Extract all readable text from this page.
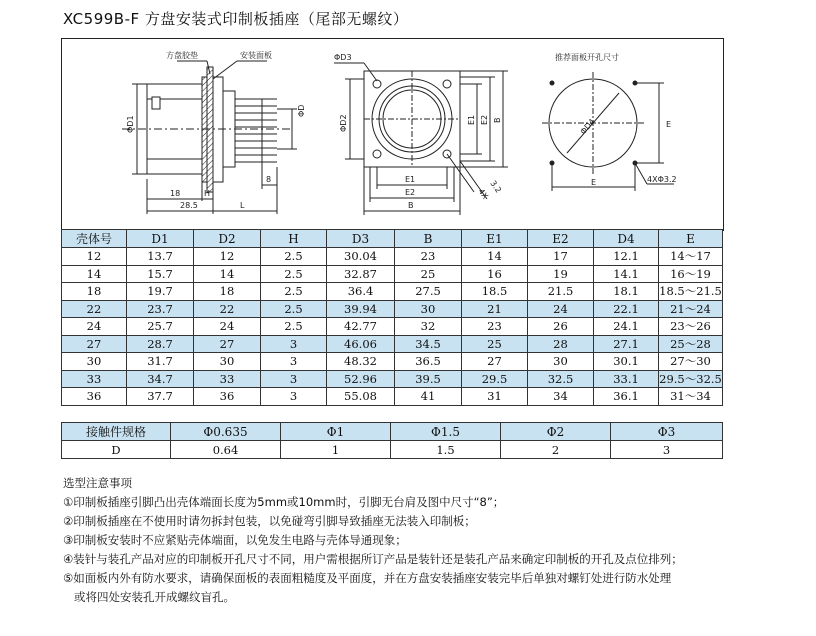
XC599B-F 方盘安装式印制板插座（尾部无螺纹）
方盘胶垫	安装面板
ΦD1
ΦD
18	H
8
28.5	L
ΦD3
ΦD2	E1 E2 B
E1
E2
B
3.2
4X
推荐面板开孔尺寸
ΦD4	E
E	4XΦ3.2
壳体号	D1	D2	H	D3	B	E1	E2	D4	E
12	13.7	12	2.5	30.04	23	14	17	12.1	14～17
14	15.7	14	2.5	32.87	25	16	19	14.1	16～19
18	19.7	18	2.5	36.4	27.5	18.5	21.5	18.1	18.5～21.5
22	23.7	22	2.5	39.94	30	21	24	22.1	21～24
24	25.7	24	2.5	42.77	32	23	26	24.1	23～26
27	28.7	27	3	46.06	34.5	25	28	27.1	25～28
30	31.7	30	3	48.32	36.5	27	30	30.1	27～30
33	34.7	33	3	52.96	39.5	29.5	32.5	33.1	29.5～32.5
36	37.7	36	3	55.08	41	31	34	36.1	31～34
接触件规格	Φ0.635	Φ1	Φ1.5	Φ2	Φ3
D	0.64	1	1.5	2	3
选型注意事项
①印制板插座引脚凸出壳体端面长度为5mm或10mm时，引脚无台肩及图中尺寸“8”；
②印制板插座在不使用时请勿拆封包装，以免碰弯引脚导致插座无法装入印制板；
③印制板安装时不应紧贴壳体端面，以免发生电路与壳体导通现象；
④装针与装孔产品对应的印制板开孔尺寸不同，用户需根据所订产品是装针还是装孔产品来确定印制板的开孔及点位排列；
⑤如面板内外有防水要求，请确保面板的表面粗糙度及平面度，并在方盘安装插座安装完毕后单独对螺钉处进行防水处理
或将四处安装孔开成螺纹盲孔。
